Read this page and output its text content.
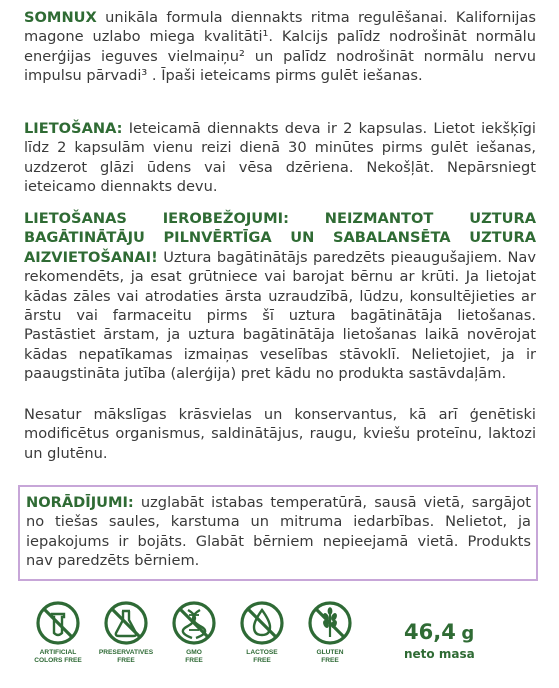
SOMNUX unikāla formula diennakts ritma regulēšanai. Kalifornijas magone uzlabo miega kvalitāti¹. Kalcijs palīdz nodrošināt normālu enerģijas ieguves vielmaiņu² un palīdz nodrošināt normālu nervu impulsu pārvadi³ . Īpaši ieteicams pirms gulēt iešanas.

LIETOŠANA: Ieteicamā diennakts deva ir 2 kapsulas. Lietot iekšķīgi līdz 2 kapsulām vienu reizi dienā 30 minūtes pirms gulēt iešanas, uzdzerot glāzi ūdens vai vēsa dzēriena. Nekošļāt. Nepārsniegt ieteicamo diennakts devu.

LIETOŠANAS IEROBEŽOJUMI: NEIZMANTOT UZTURA BAGĀTINĀTĀJU PILNVĒRTĪGA UN SABALANSĒTA UZTURA AIZVIETOŠANAI! Uztura bagātinātājs paredzēts pieaugušajiem. Nav rekomendēts, ja esat grūtniece vai barojat bērnu ar krūti. Ja lietojat kādas zāles vai atrodaties ārsta uzraudzībā, lūdzu, konsultējieties ar ārstu vai farmaceitu pirms šī uztura bagātinātāja lietošanas. Pastāstiet ārstam, ja uztura bagātinātāja lietošanas laikā novērojat kādas nepatīkamas izmaiņas veselības stāvoklī. Nelietojiet, ja ir paaugstināta jutība (alerģija) pret kādu no produkta sastāvdaļām.

Nesatur mākslīgas krāsvielas un konservantus, kā arī ģenētiski modificētus organismus, saldinātājus, raugu, kviešu proteīnu, laktozi un glutēnu.

NORĀDĪJUMI: uzglabāt istabas temperatūrā, sausā vietā, sargājot no tiešas saules, karstuma un mitruma iedarbības. Nelietot, ja iepakojums ir bojāts. Glabāt bērniem nepieejamā vietā. Produkts nav paredzēts bērniem.

ARTIFICIAL
COLORS FREE
PRESERVATIVES
FREE
GMO
FREE
LACTOSE
FREE
GLUTEN
FREE
46,4 g
neto masa
